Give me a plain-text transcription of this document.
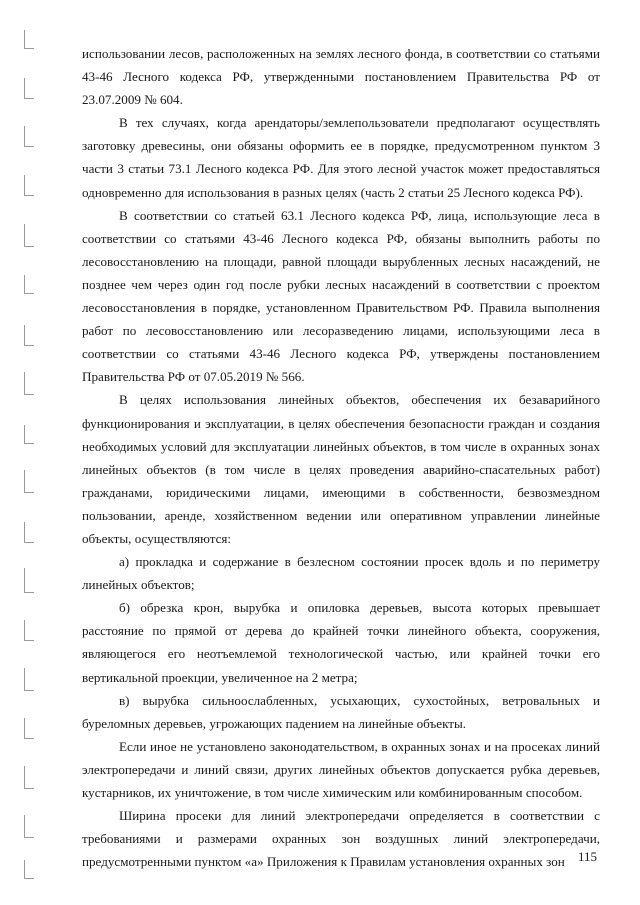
использовании лесов, расположенных на землях лесного фонда, в соответствии со статьями 43-46 Лесного кодекса РФ, утвержденными постановлением Правительства РФ от 23.07.2009 № 604.

В тех случаях, когда арендаторы/землепользователи предполагают осуществлять заготовку древесины, они обязаны оформить ее в порядке, предусмотренном пунктом 3 части 3 статьи 73.1 Лесного кодекса РФ. Для этого лесной участок может предоставляться одновременно для использования в разных целях (часть 2 статьи 25 Лесного кодекса РФ).

В соответствии со статьей 63.1 Лесного кодекса РФ, лица, использующие леса в соответствии со статьями 43-46 Лесного кодекса РФ, обязаны выполнить работы по лесовосстановлению на площади, равной площади вырубленных лесных насаждений, не позднее чем через один год после рубки лесных насаждений в соответствии с проектом лесовосстановления в порядке, установленном Правительством РФ. Правила выполнения работ по лесовосстановлению или лесоразведению лицами, использующими леса в соответствии со статьями 43-46 Лесного кодекса РФ, утверждены постановлением Правительства РФ от 07.05.2019 № 566.

В целях использования линейных объектов, обеспечения их безаварийного функционирования и эксплуатации, в целях обеспечения безопасности граждан и создания необходимых условий для эксплуатации линейных объектов, в том числе в охранных зонах линейных объектов (в том числе в целях проведения аварийно-спасательных работ) гражданами, юридическими лицами, имеющими в собственности, безвозмездном пользовании, аренде, хозяйственном ведении или оперативном управлении линейные объекты, осуществляются:

а) прокладка и содержание в безлесном состоянии просек вдоль и по периметру линейных объектов;

б) обрезка крон, вырубка и опиловка деревьев, высота которых превышает расстояние по прямой от дерева до крайней точки линейного объекта, сооружения, являющегося его неотъемлемой технологической частью, или крайней точки его вертикальной проекции, увеличенное на 2 метра;

в) вырубка сильноослабленных, усыхающих, сухостойных, ветровальных и буреломных деревьев, угрожающих падением на линейные объекты.

Если иное не установлено законодательством, в охранных зонах и на просеках линий электропередачи и линий связи, других линейных объектов допускается рубка деревьев, кустарников, их уничтожение, в том числе химическим или комбинированным способом.

Ширина просеки для линий электропередачи определяется в соответствии с требованиями и размерами охранных зон воздушных линий электропередачи, предусмотренными пунктом «а» Приложения к Правилам установления охранных зон	115
